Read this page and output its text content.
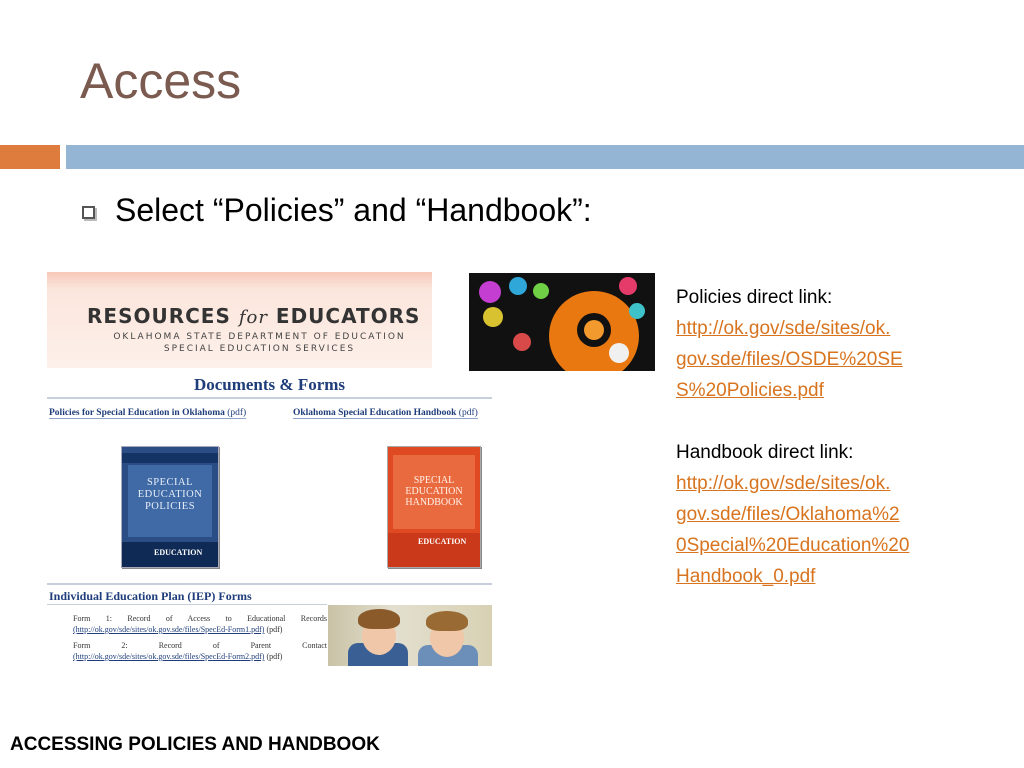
Access
Select “Policies” and “Handbook”:
RESOURCES for EDUCATORS
OKLAHOMA STATE DEPARTMENT OF EDUCATION
SPECIAL EDUCATION SERVICES
Documents & Forms
Policies for Special Education in Oklahoma (pdf)	Oklahoma Special Education Handbook (pdf)
SPECIAL
EDUCATION
POLICIES
EDUCATION
SPECIAL
EDUCATION
HANDBOOK
EDUCATION
Individual Education Plan (IEP) Forms
Form 1: Record of Access to Educational Records
(http://ok.gov/sde/sites/ok.gov.sde/files/SpecEd-Form1.pdf) (pdf)
Form 2: Record of Parent Contact
(http://ok.gov/sde/sites/ok.gov.sde/files/SpecEd-Form2.pdf) (pdf)
Policies direct link:
http://ok.gov/sde/sites/ok.
gov.sde/files/OSDE%20SE
S%20Policies.pdf
Handbook direct link:
http://ok.gov/sde/sites/ok.
gov.sde/files/Oklahoma%2
0Special%20Education%20
Handbook_0.pdf
ACCESSING POLICIES AND HANDBOOK
